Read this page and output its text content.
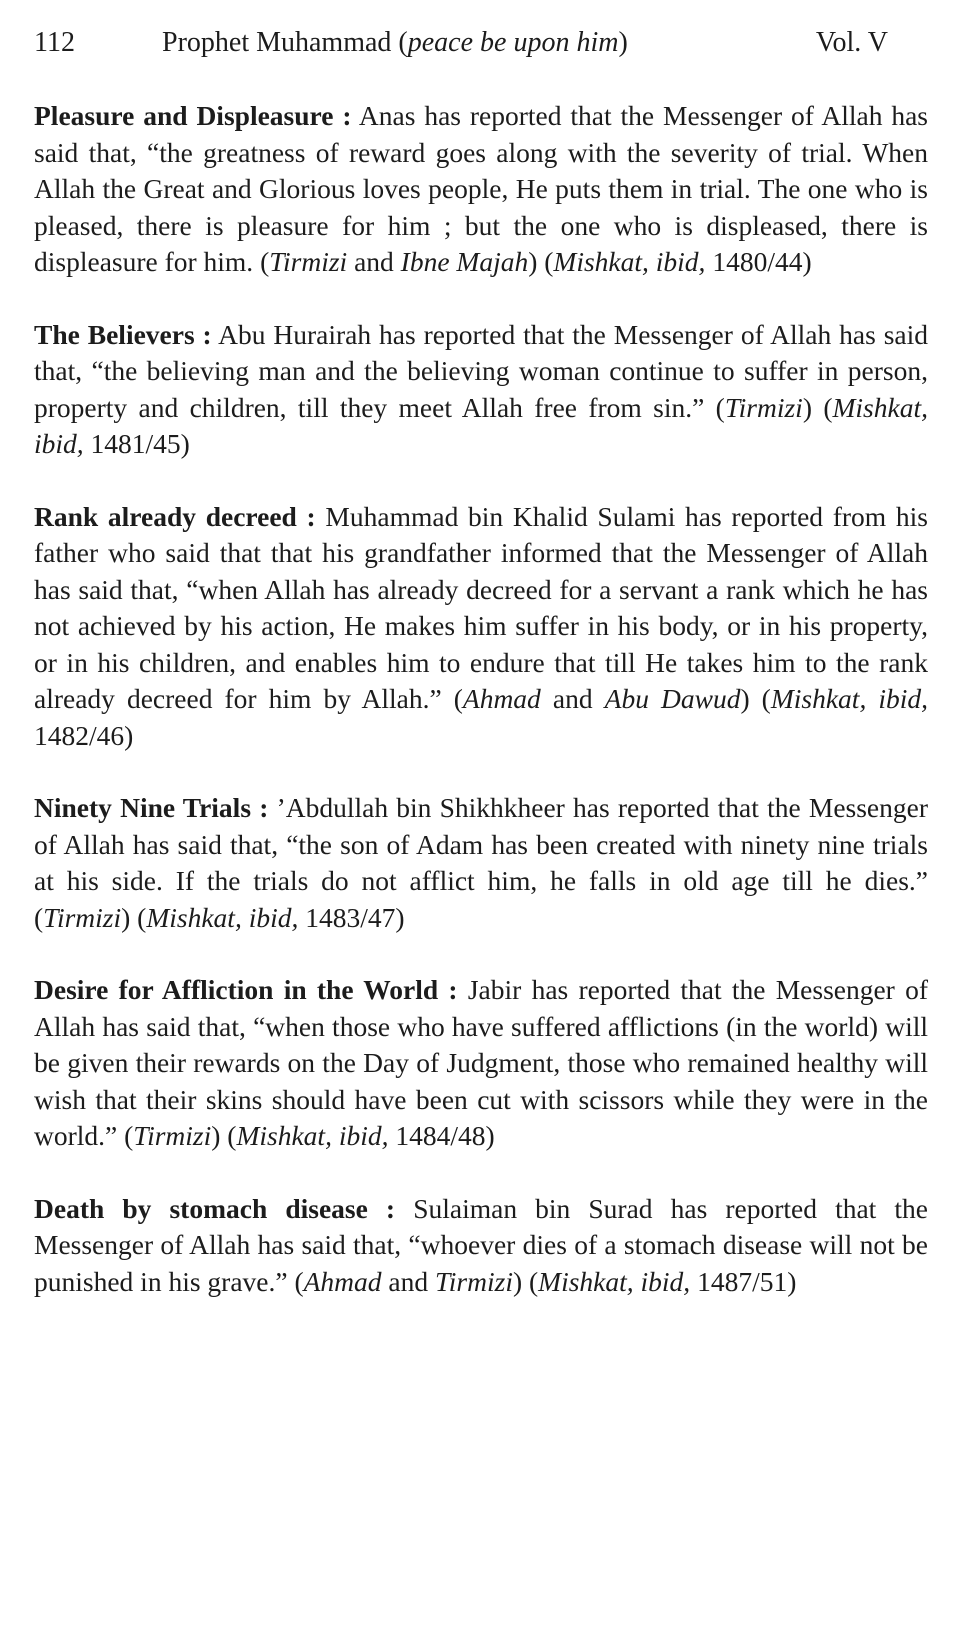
112	Prophet Muhammad (peace be upon him)	Vol. V

Pleasure and Displeasure : Anas has reported that the Messenger of Allah has said that, “the greatness of reward goes along with the severity of trial. When Allah the Great and Glorious loves people, He puts them in trial. The one who is pleased, there is pleasure for him ; but the one who is displeased, there is displeasure for him. (Tirmizi and Ibne Majah) (Mishkat, ibid, 1480/44)

The Believers : Abu Hurairah has reported that the Messenger of Allah has said that, “the believing man and the believing woman continue to suffer in person, property and children, till they meet Allah free from sin.” (Tirmizi) (Mishkat, ibid, 1481/45)

Rank already decreed : Muhammad bin Khalid Sulami has reported from his father who said that that his grandfather informed that the Messenger of Allah has said that, “when Allah has already decreed for a servant a rank which he has not achieved by his action, He makes him suffer in his body, or in his property, or in his children, and enables him to endure that till He takes him to the rank already decreed for him by Allah.” (Ahmad and Abu Dawud) (Mishkat, ibid, 1482/46)

Ninety Nine Trials : ’Abdullah bin Shikhkheer has reported that the Messenger of Allah has said that, “the son of Adam has been created with ninety nine trials at his side. If the trials do not afflict him, he falls in old age till he dies.” (Tirmizi) (Mishkat, ibid, 1483/47)

Desire for Affliction in the World : Jabir has reported that the Messenger of Allah has said that, “when those who have suffered afflictions (in the world) will be given their rewards on the Day of Judgment, those who remained healthy will wish that their skins should have been cut with scissors while they were in the world.” (Tirmizi) (Mishkat, ibid, 1484/48)

Death by stomach disease : Sulaiman bin Surad has reported that the Messenger of Allah has said that, “whoever dies of a stomach disease will not be punished in his grave.” (Ahmad and Tirmizi) (Mishkat, ibid, 1487/51)
